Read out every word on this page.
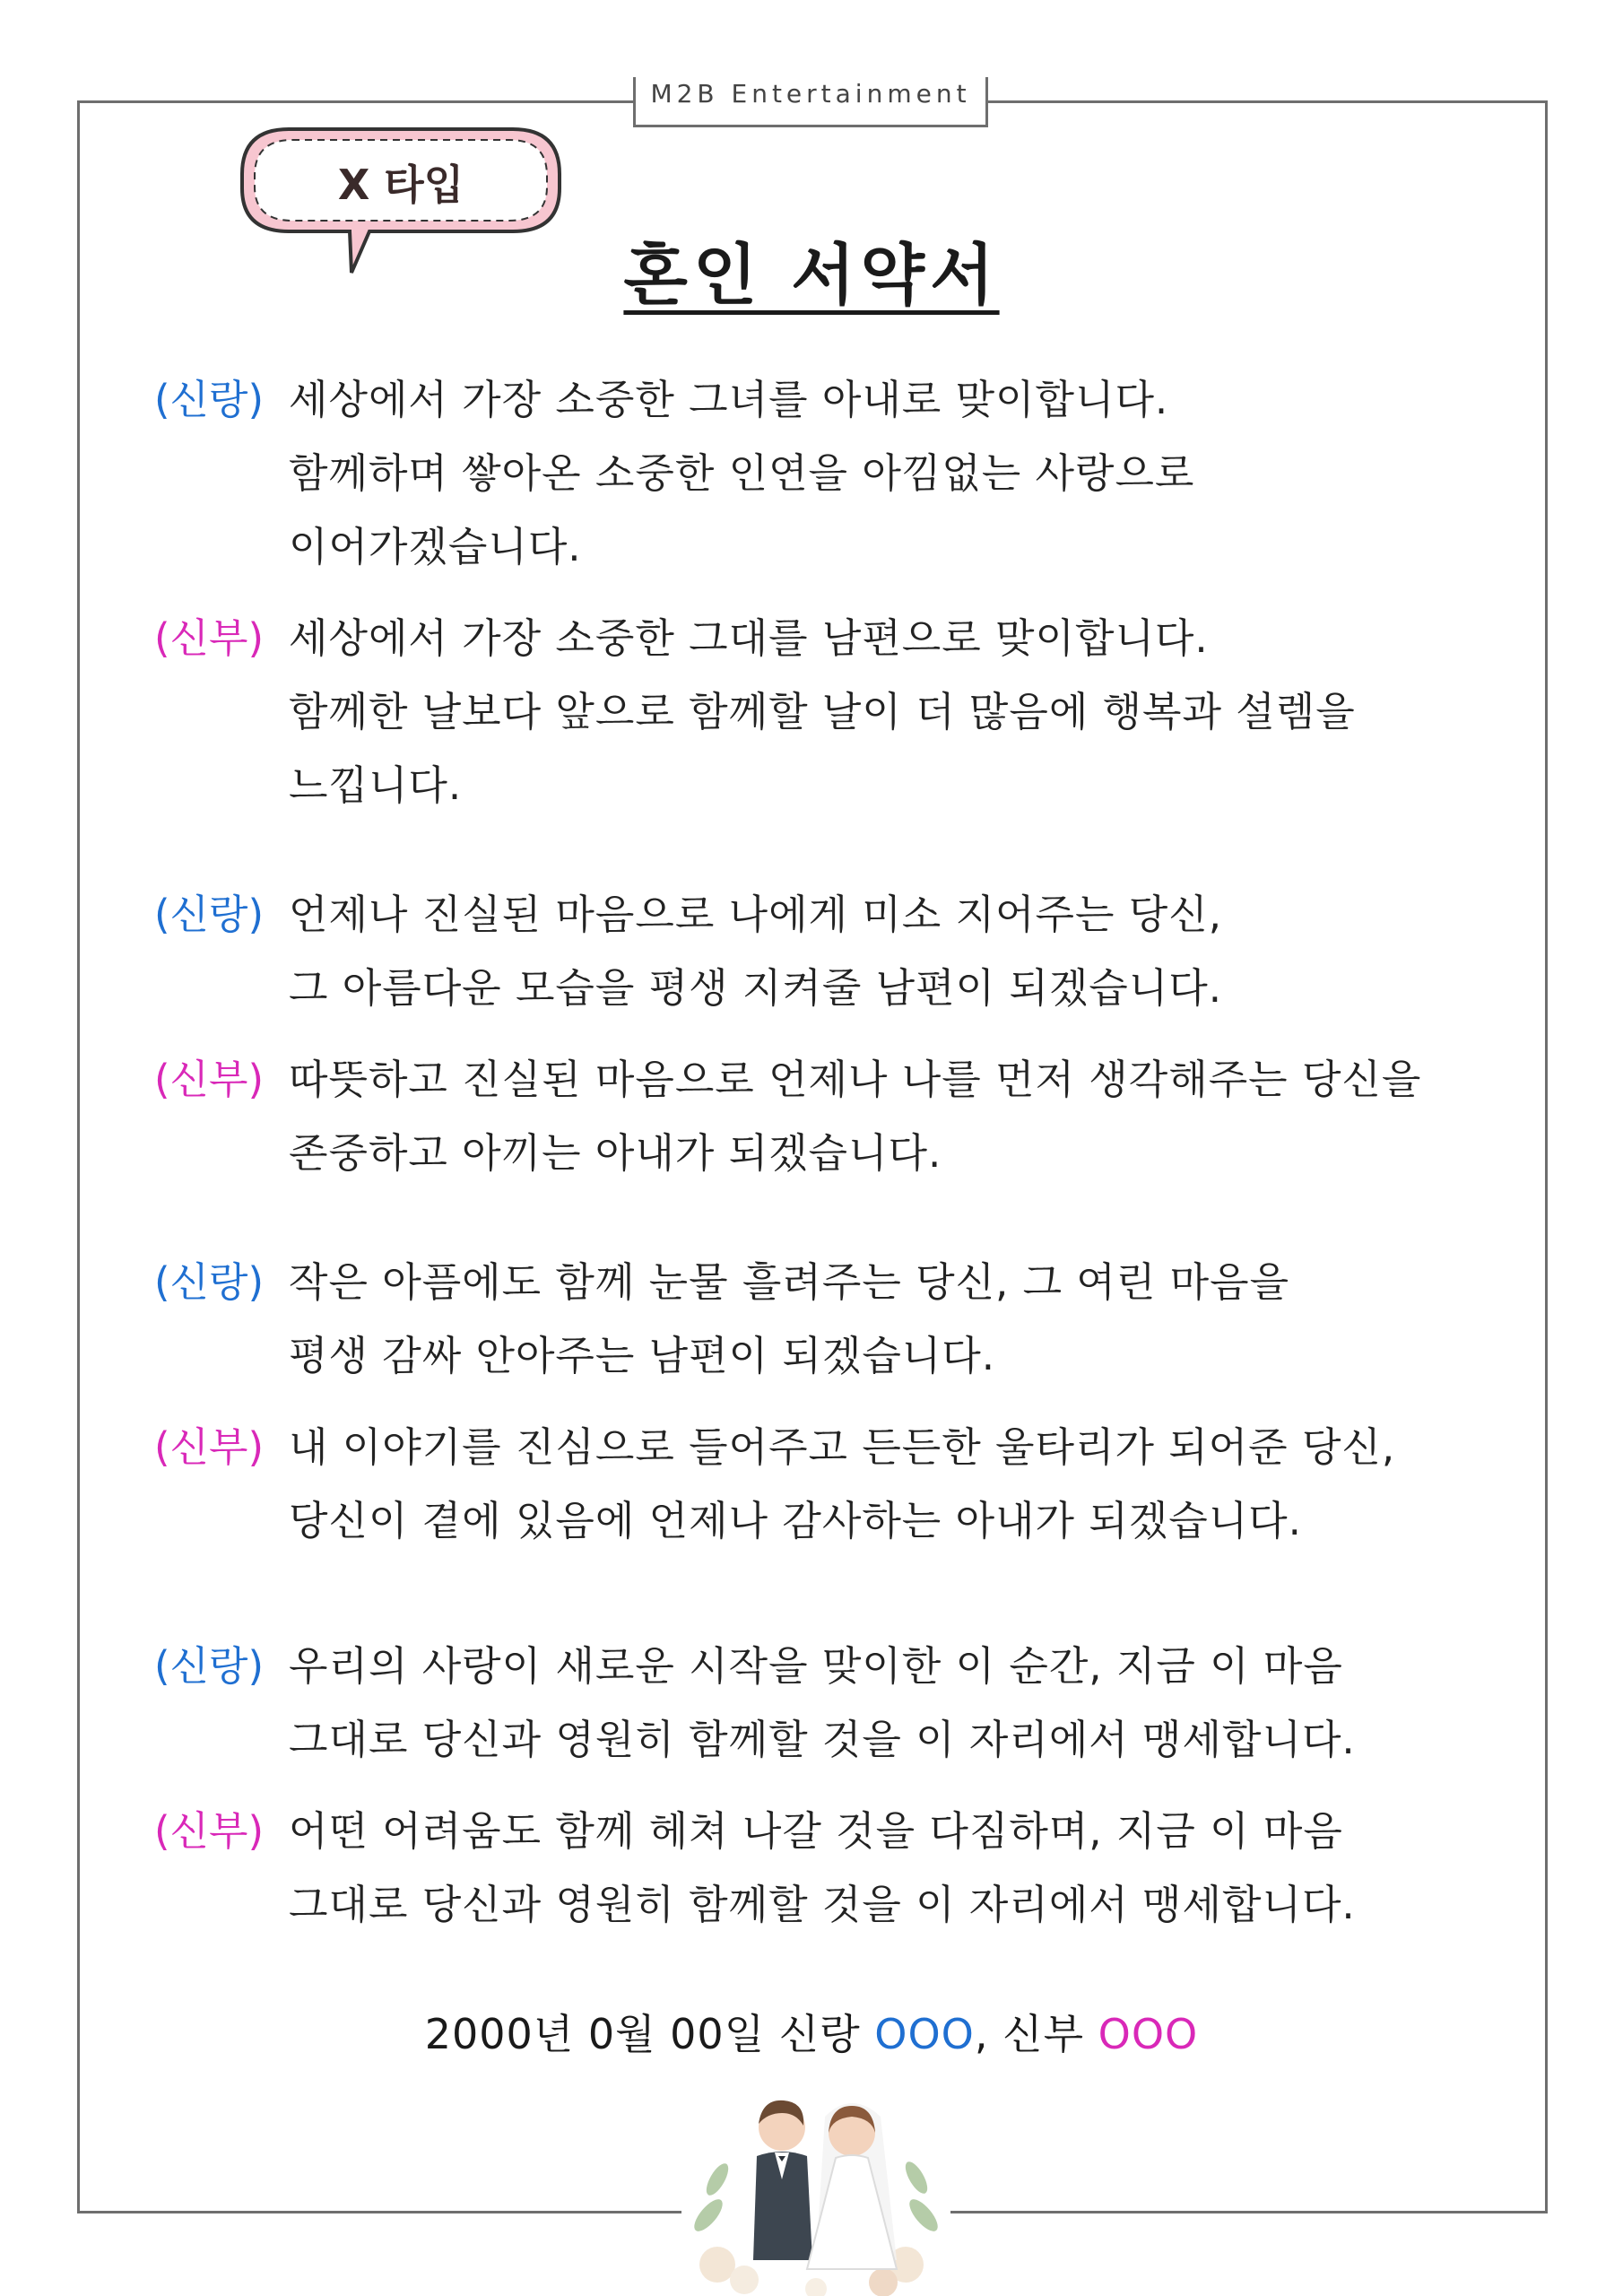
M2B Entertainment
X 타입
혼인 서약서
(신랑) 세상에서 가장 소중한 그녀를 아내로 맞이합니다.
함께하며 쌓아온 소중한 인연을 아낌없는 사랑으로
이어가겠습니다.
(신부) 세상에서 가장 소중한 그대를 남편으로 맞이합니다.
함께한 날보다 앞으로 함께할 날이 더 많음에 행복과 설렘을
느낍니다.
(신랑) 언제나 진실된 마음으로 나에게 미소 지어주는 당신,
그 아름다운 모습을 평생 지켜줄 남편이 되겠습니다.
(신부) 따뜻하고 진실된 마음으로 언제나 나를 먼저 생각해주는 당신을
존중하고 아끼는 아내가 되겠습니다.
(신랑) 작은 아픔에도 함께 눈물 흘려주는 당신, 그 여린 마음을
평생 감싸 안아주는 남편이 되겠습니다.
(신부) 내 이야기를 진심으로 들어주고 든든한 울타리가 되어준 당신,
당신이 곁에 있음에 언제나 감사하는 아내가 되겠습니다.
(신랑) 우리의 사랑이 새로운 시작을 맞이한 이 순간, 지금 이 마음
그대로 당신과 영원히 함께할 것을 이 자리에서 맹세합니다.
(신부) 어떤 어려움도 함께 헤쳐 나갈 것을 다짐하며, 지금 이 마음
그대로 당신과 영원히 함께할 것을 이 자리에서 맹세합니다.
2000년 0월 00일 신랑 OOO, 신부 OOO
